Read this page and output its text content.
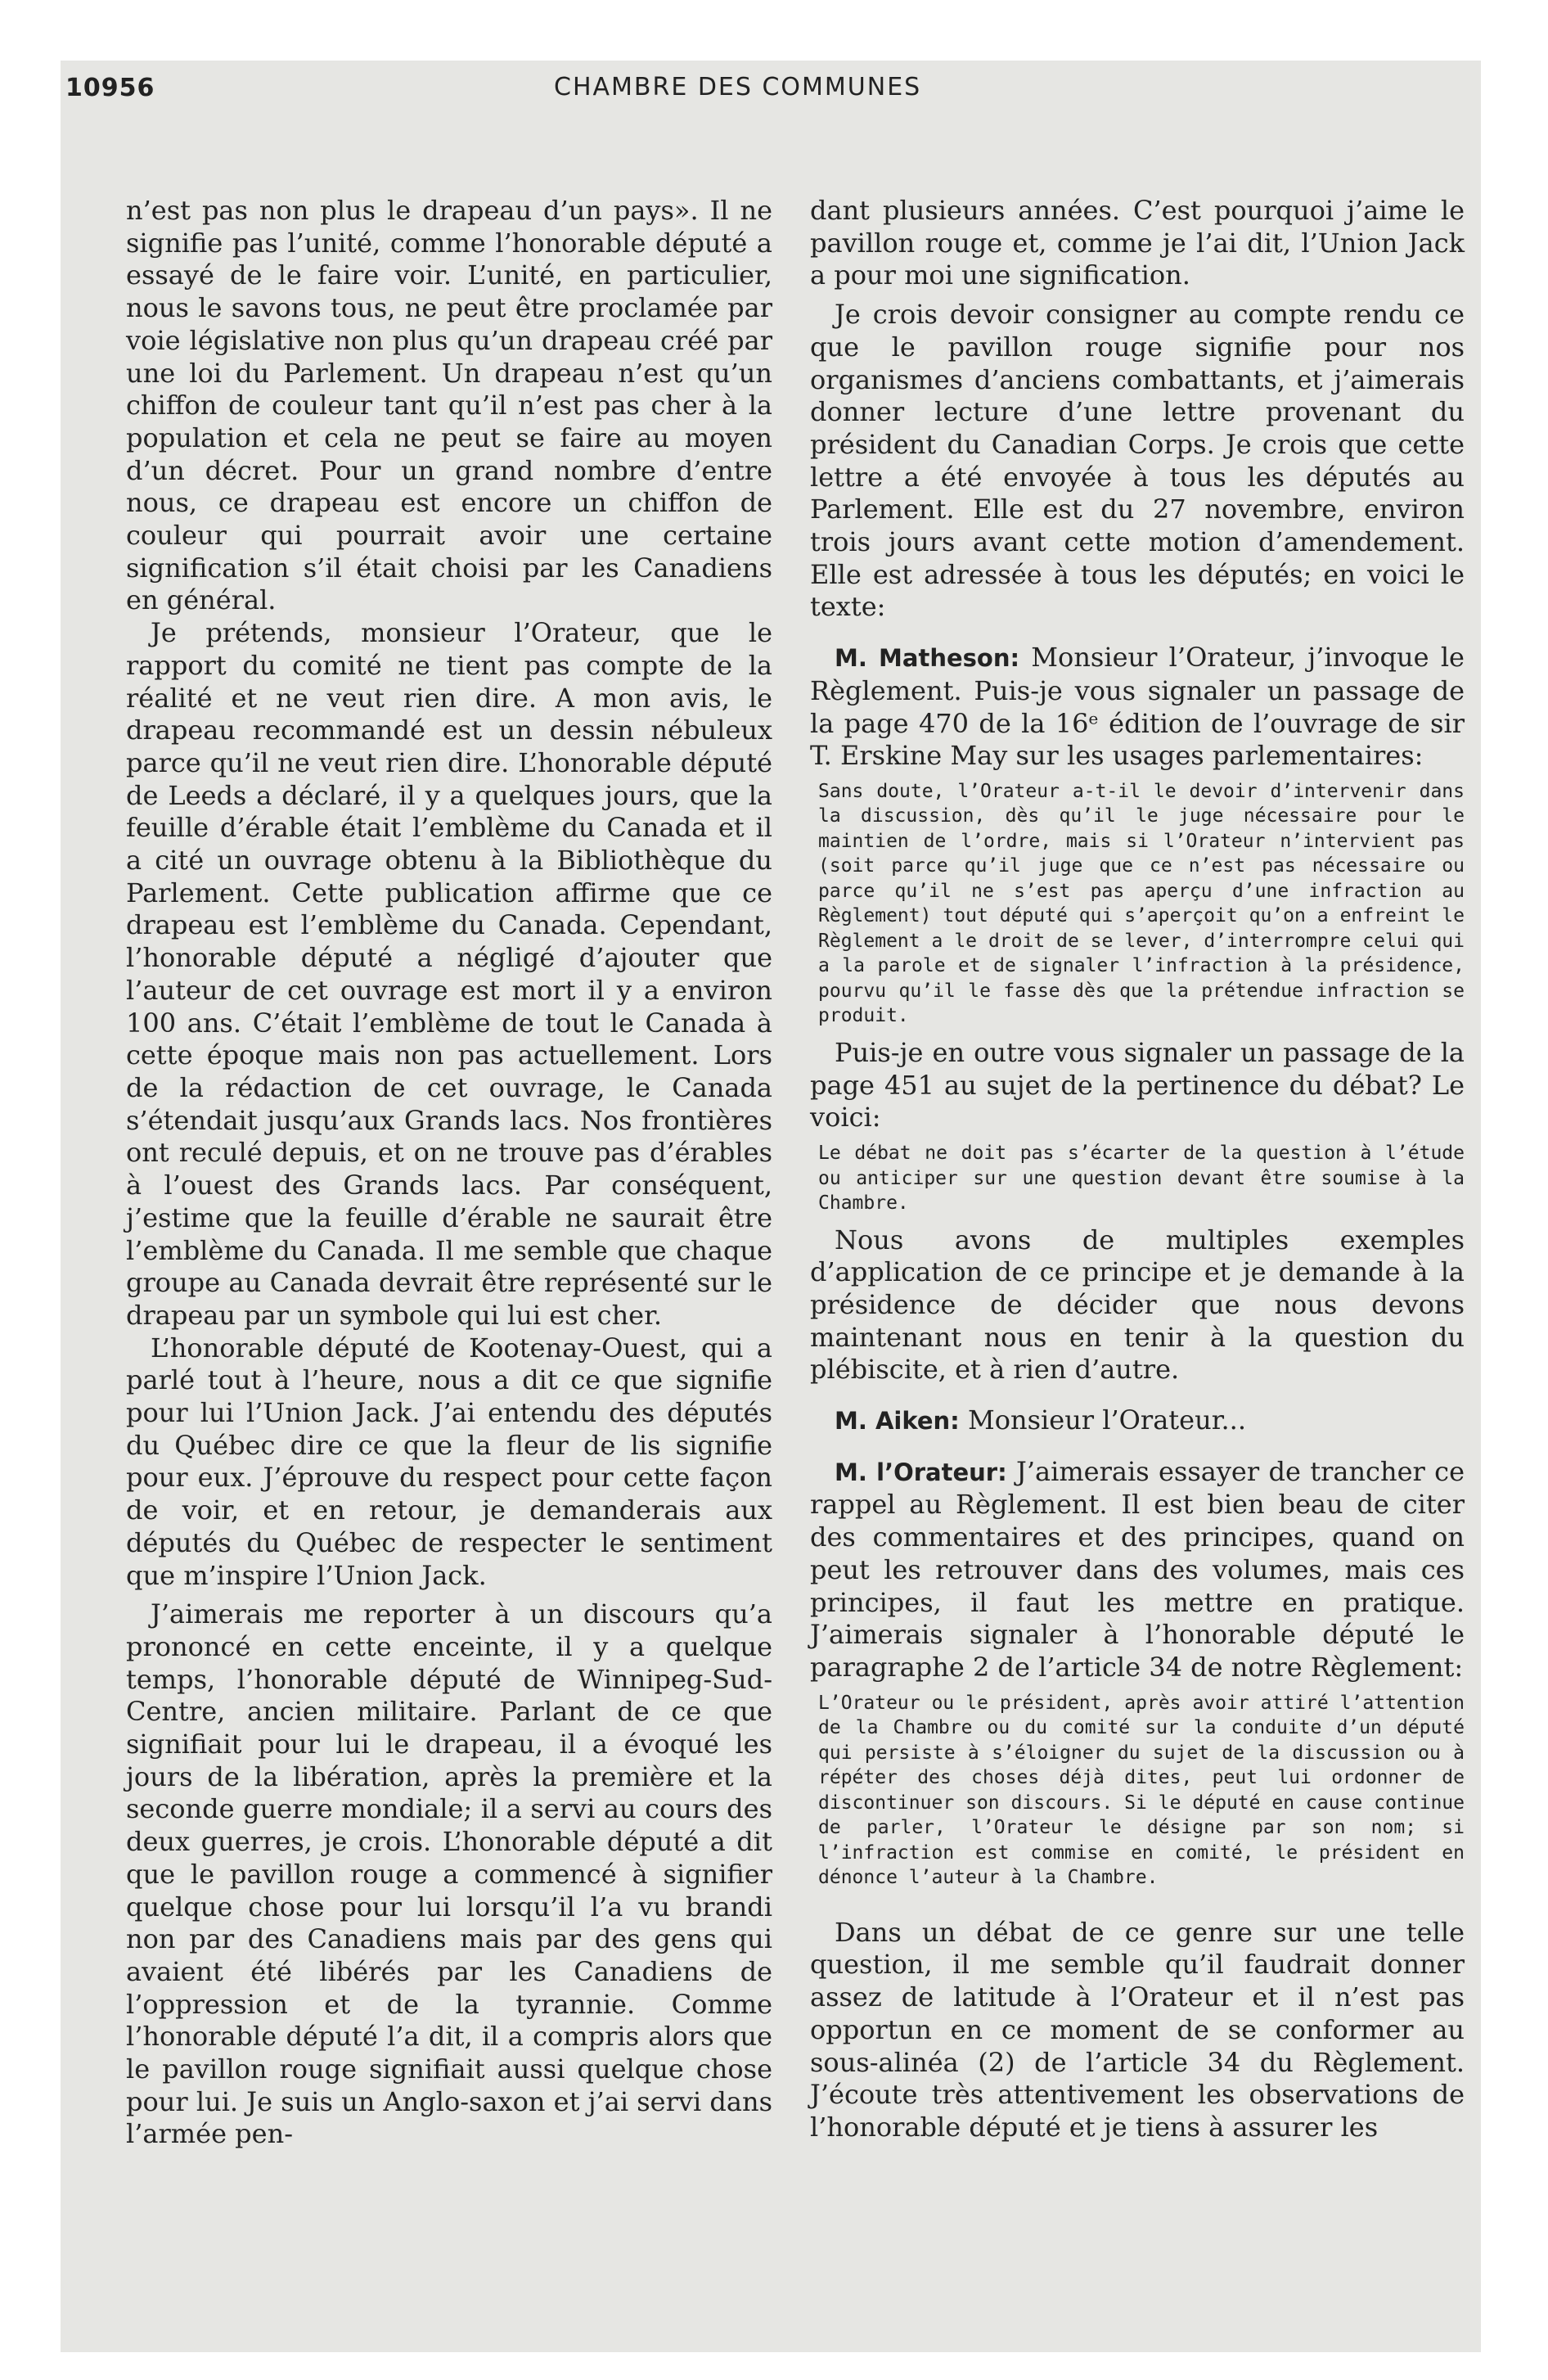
10956	CHAMBRE DES COMMUNES

n’est pas non plus le drapeau d’un pays». Il ne signifie pas l’unité, comme l’honorable député a essayé de le faire voir. L’unité, en particulier, nous le savons tous, ne peut être proclamée par voie législative non plus qu’un drapeau créé par une loi du Parlement. Un drapeau n’est qu’un chiffon de couleur tant qu’il n’est pas cher à la population et cela ne peut se faire au moyen d’un décret. Pour un grand nombre d’entre nous, ce drapeau est encore un chiffon de couleur qui pourrait avoir une certaine signification s’il était choisi par les Canadiens en général.

Je prétends, monsieur l’Orateur, que le rapport du comité ne tient pas compte de la réalité et ne veut rien dire. A mon avis, le drapeau recommandé est un dessin nébuleux parce qu’il ne veut rien dire. L’honorable député de Leeds a déclaré, il y a quelques jours, que la feuille d’érable était l’emblème du Canada et il a cité un ouvrage obtenu à la Bibliothèque du Parlement. Cette publication affirme que ce drapeau est l’emblème du Canada. Cependant, l’honorable député a négligé d’ajouter que l’auteur de cet ouvrage est mort il y a environ 100 ans. C’était l’emblème de tout le Canada à cette époque mais non pas actuellement. Lors de la rédaction de cet ouvrage, le Canada s’étendait jusqu’aux Grands lacs. Nos frontières ont reculé depuis, et on ne trouve pas d’érables à l’ouest des Grands lacs. Par conséquent, j’estime que la feuille d’érable ne saurait être l’emblème du Canada. Il me semble que chaque groupe au Canada devrait être représenté sur le drapeau par un symbole qui lui est cher.

L’honorable député de Kootenay-Ouest, qui a parlé tout à l’heure, nous a dit ce que signifie pour lui l’Union Jack. J’ai entendu des députés du Québec dire ce que la fleur de lis signifie pour eux. J’éprouve du respect pour cette façon de voir, et en retour, je demanderais aux députés du Québec de respecter le sentiment que m’inspire l’Union Jack.

J’aimerais me reporter à un discours qu’a prononcé en cette enceinte, il y a quelque temps, l’honorable député de Winnipeg-Sud-Centre, ancien militaire. Parlant de ce que signifiait pour lui le drapeau, il a évoqué les jours de la libération, après la première et la seconde guerre mondiale; il a servi au cours des deux guerres, je crois. L’honorable député a dit que le pavillon rouge a commencé à signifier quelque chose pour lui lorsqu’il l’a vu brandi non par des Canadiens mais par des gens qui avaient été libérés par les Canadiens de l’oppression et de la tyrannie. Comme l’honorable député l’a dit, il a compris alors que le pavillon rouge signifiait aussi quelque chose pour lui. Je suis un Anglo-saxon et j’ai servi dans l’armée pen-

dant plusieurs années. C’est pourquoi j’aime le pavillon rouge et, comme je l’ai dit, l’Union Jack a pour moi une signification.

Je crois devoir consigner au compte rendu ce que le pavillon rouge signifie pour nos organismes d’anciens combattants, et j’aimerais donner lecture d’une lettre provenant du président du Canadian Corps. Je crois que cette lettre a été envoyée à tous les députés au Parlement. Elle est du 27 novembre, environ trois jours avant cette motion d’amendement. Elle est adressée à tous les députés; en voici le texte:

M. Matheson: Monsieur l’Orateur, j’invoque le Règlement. Puis-je vous signaler un passage de la page 470 de la 16ᵉ édition de l’ouvrage de sir T. Erskine May sur les usages parlementaires:

Sans doute, l’Orateur a-t-il le devoir d’intervenir dans la discussion, dès qu’il le juge nécessaire pour le maintien de l’ordre, mais si l’Orateur n’intervient pas (soit parce qu’il juge que ce n’est pas nécessaire ou parce qu’il ne s’est pas aperçu d’une infraction au Règlement) tout député qui s’aperçoit qu’on a enfreint le Règlement a le droit de se lever, d’interrompre celui qui a la parole et de signaler l’infraction à la présidence, pourvu qu’il le fasse dès que la prétendue infraction se produit.

Puis-je en outre vous signaler un passage de la page 451 au sujet de la pertinence du débat? Le voici:

Le débat ne doit pas s’écarter de la question à l’étude ou anticiper sur une question devant être soumise à la Chambre.

Nous avons de multiples exemples d’application de ce principe et je demande à la présidence de décider que nous devons maintenant nous en tenir à la question du plébiscite, et à rien d’autre.

M. Aiken: Monsieur l’Orateur...

M. l’Orateur: J’aimerais essayer de trancher ce rappel au Règlement. Il est bien beau de citer des commentaires et des principes, quand on peut les retrouver dans des volumes, mais ces principes, il faut les mettre en pratique. J’aimerais signaler à l’honorable député le paragraphe 2 de l’article 34 de notre Règlement:

L’Orateur ou le président, après avoir attiré l’attention de la Chambre ou du comité sur la conduite d’un député qui persiste à s’éloigner du sujet de la discussion ou à répéter des choses déjà dites, peut lui ordonner de discontinuer son discours. Si le député en cause continue de parler, l’Orateur le désigne par son nom; si l’infraction est commise en comité, le président en dénonce l’auteur à la Chambre.

Dans un débat de ce genre sur une telle question, il me semble qu’il faudrait donner assez de latitude à l’Orateur et il n’est pas opportun en ce moment de se conformer au sous-alinéa (2) de l’article 34 du Règlement. J’écoute très attentivement les observations de l’honorable député et je tiens à assurer les
